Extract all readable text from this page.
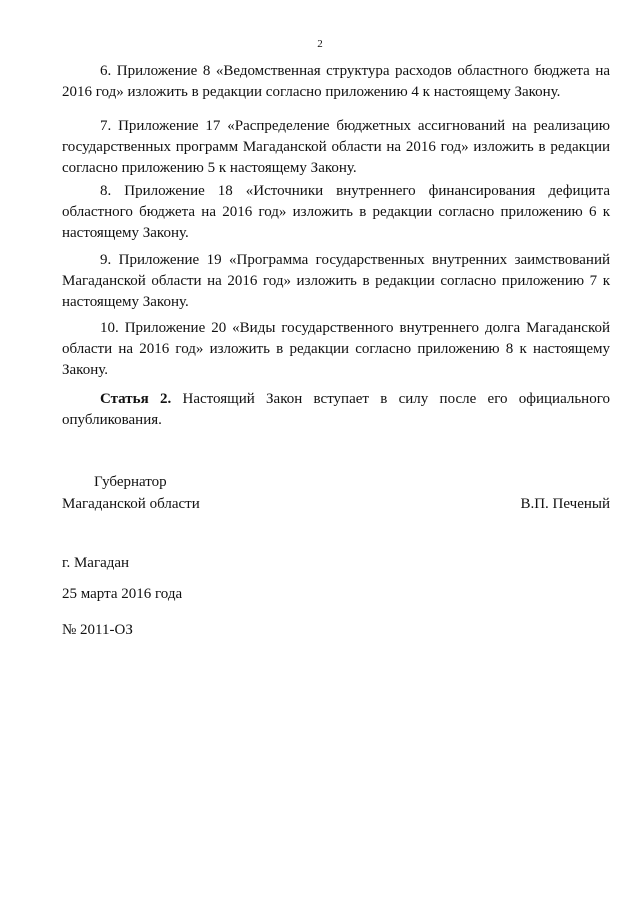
2

6. Приложение 8 «Ведомственная структура расходов областного бюджета на 2016 год» изложить в редакции согласно приложению 4 к настоящему Закону.

7. Приложение 17 «Распределение бюджетных ассигнований на реализацию государственных программ Магаданской области на 2016 год» изложить в редакции согласно приложению 5 к настоящему Закону.

8. Приложение 18 «Источники внутреннего финансирования дефицита областного бюджета на 2016 год» изложить в редакции согласно приложению 6 к настоящему Закону.

9. Приложение 19 «Программа государственных внутренних заимствований Магаданской области на 2016 год» изложить в редакции согласно приложению 7 к настоящему Закону.

10. Приложение 20 «Виды государственного внутреннего долга Магаданской области на 2016 год» изложить в редакции согласно приложению 8 к настоящему Закону.

Статья 2. Настоящий Закон вступает в силу после его официального опубликования.

Губернатор
Магаданской области	В.П. Печеный
г. Магадан
25 марта 2016 года
№ 2011-ОЗ
